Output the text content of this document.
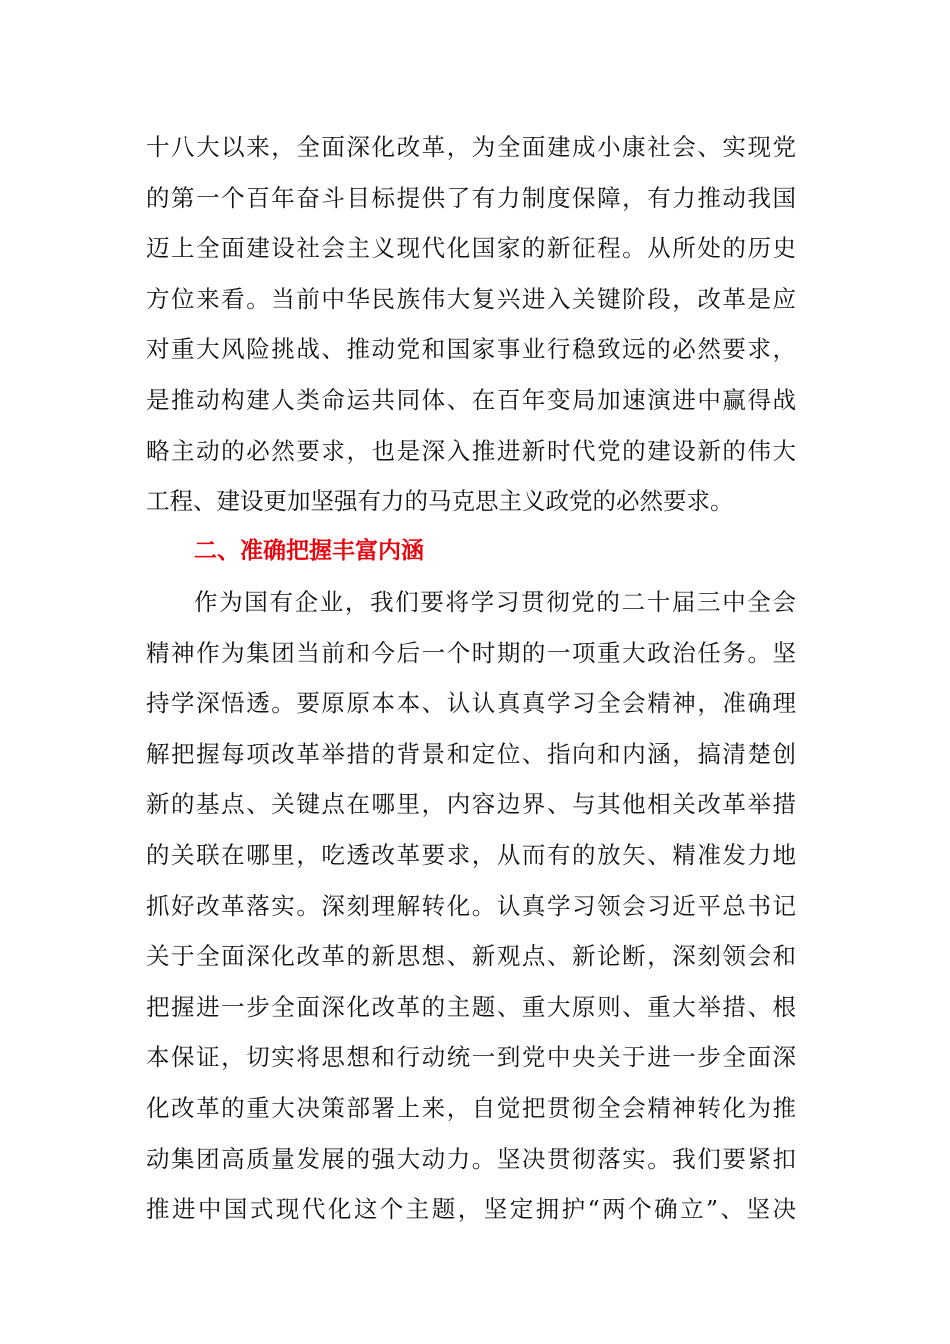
十八大以来，全面深化改革，为全面建成小康社会、实现党
的第一个百年奋斗目标提供了有力制度保障，有力推动我国
迈上全面建设社会主义现代化国家的新征程。从所处的历史
方位来看。当前中华民族伟大复兴进入关键阶段，改革是应
对重大风险挑战、推动党和国家事业行稳致远的必然要求，
是推动构建人类命运共同体、在百年变局加速演进中赢得战
略主动的必然要求，也是深入推进新时代党的建设新的伟大
工程、建设更加坚强有力的马克思主义政党的必然要求。
二、准确把握丰富内涵
作为国有企业，我们要将学习贯彻党的二十届三中全会
精神作为集团当前和今后一个时期的一项重大政治任务。坚
持学深悟透。要原原本本、认认真真学习全会精神，准确理
解把握每项改革举措的背景和定位、指向和内涵，搞清楚创
新的基点、关键点在哪里，内容边界、与其他相关改革举措
的关联在哪里，吃透改革要求，从而有的放矢、精准发力地
抓好改革落实。深刻理解转化。认真学习领会习近平总书记
关于全面深化改革的新思想、新观点、新论断，深刻领会和
把握进一步全面深化改革的主题、重大原则、重大举措、根
本保证，切实将思想和行动统一到党中央关于进一步全面深
化改革的重大决策部署上来，自觉把贯彻全会精神转化为推
动集团高质量发展的强大动力。坚决贯彻落实。我们要紧扣
推进中国式现代化这个主题，坚定拥护“两个确立”、坚决
